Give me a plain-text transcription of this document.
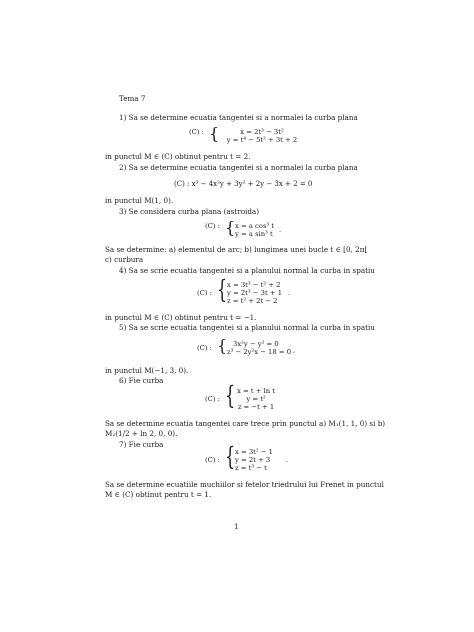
Tema 7
1) Sa se determine ecuatia tangentei si a normalei la curba plana
(C) : {	x = 2t³ − 3t²
y = t⁴ − 5t² + 3t + 2
in punctul M ∈ (C) obtinut pentru t = 2.
2) Sa se determine ecuatia tangentei si a normalei la curba plana
(C) : x³ − 4x²y + 3y² + 2y − 3x + 2 = 0
in punctul M(1, 0).
3) Se considera curba plana (astroida)
(C) : { x = a cos³ t
y = a sin³ t .
Sa se determine: a) elementul de arc; b) lungimea unei bucle t ∈ [0, 2π[
c) curbura
4) Sa se scrie ecuatia tangentei si a planului normal la curba in spatiu
(C) : { x = 3t³ − t² + 2
y = 2t³ − 3t + 1
z = t² + 2t − 2
.
in punctul M ∈ (C) obtinut pentru t = −1.
5) Sa se scrie ecuatia tangentei si a planului normal la curba in spatiu
(C) : { 3x²y − y² = 0
z³ − 2y²x − 18 = 0 ,
in punctul M(−1, 3, 0).
6) Fie curba
(C) : { x = t + ln t
y = t²
z = −t + 1
Sa se determine ecuatia tangentei care trece prin punctul a) M₁(1, 1, 0) si b)
M₂(1/2 + ln 2, 0, 0).
7) Fie curba
(C) : { x = 3t² − 1
y = 2t + 3
z = t³ − t
.
Sa se determine ecuatiile muchiilor si fetelor triedrului lui Frenet in punctul
M ∈ (C) obtinut pentru t = 1.
1
